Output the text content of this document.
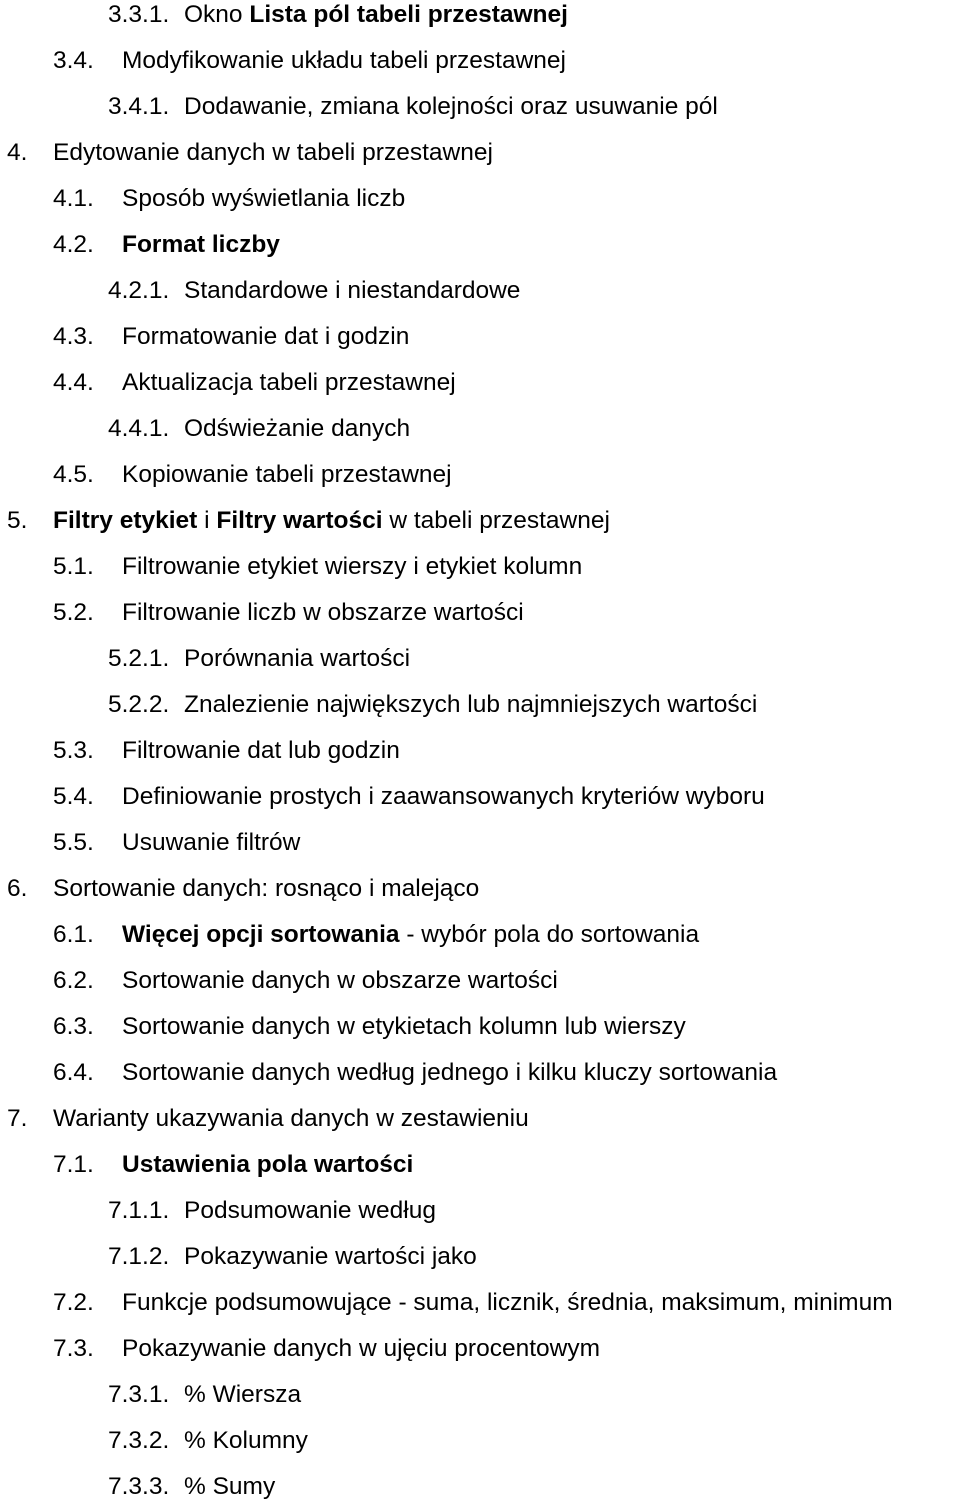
3.3.1. Okno Lista pól tabeli przestawnej
3.4. Modyfikowanie układu tabeli przestawnej
3.4.1. Dodawanie, zmiana kolejności oraz usuwanie pól
4. Edytowanie danych w tabeli przestawnej
4.1. Sposób wyświetlania liczb
4.2. Format liczby
4.2.1. Standardowe i niestandardowe
4.3. Formatowanie dat i godzin
4.4. Aktualizacja tabeli przestawnej
4.4.1. Odświeżanie danych
4.5. Kopiowanie tabeli przestawnej
5. Filtry etykiet i Filtry wartości w tabeli przestawnej
5.1. Filtrowanie etykiet wierszy i etykiet kolumn
5.2. Filtrowanie liczb w obszarze wartości
5.2.1. Porównania wartości
5.2.2. Znalezienie największych lub najmniejszych wartości
5.3. Filtrowanie dat lub godzin
5.4. Definiowanie prostych i zaawansowanych kryteriów wyboru
5.5. Usuwanie filtrów
6. Sortowanie danych: rosnąco i malejąco
6.1. Więcej opcji sortowania - wybór pola do sortowania
6.2. Sortowanie danych w obszarze wartości
6.3. Sortowanie danych w etykietach kolumn lub wierszy
6.4. Sortowanie danych według jednego i kilku kluczy sortowania
7. Warianty ukazywania danych w zestawieniu
7.1. Ustawienia pola wartości
7.1.1. Podsumowanie według
7.1.2. Pokazywanie wartości jako
7.2. Funkcje podsumowujące - suma, licznik, średnia, maksimum, minimum
7.3. Pokazywanie danych w ujęciu procentowym
7.3.1. % Wiersza
7.3.2. % Kolumny
7.3.3. % Sumy
